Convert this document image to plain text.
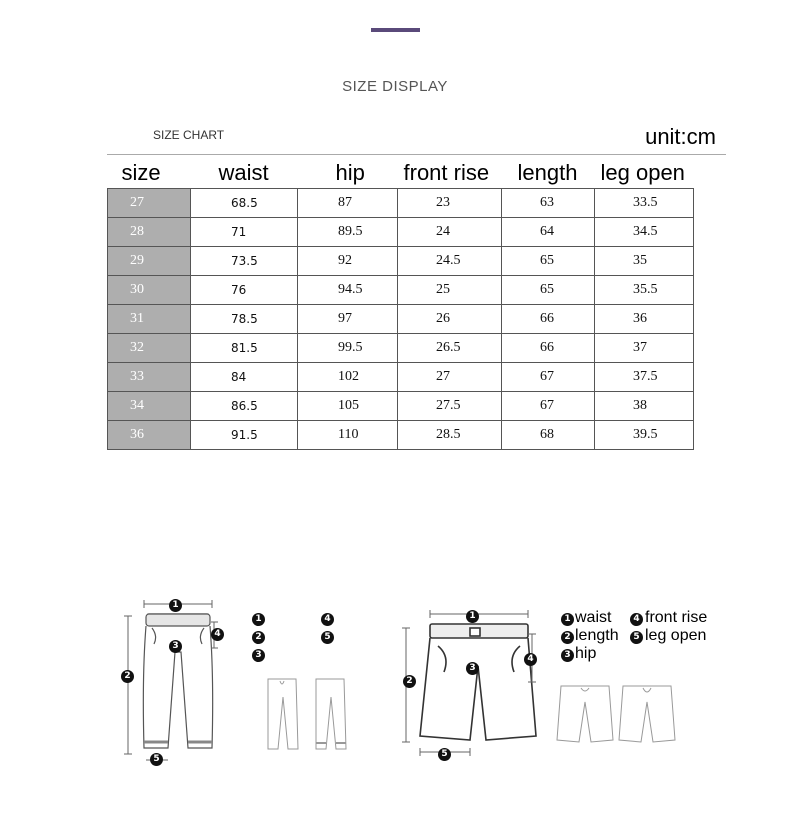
SIZE DISPLAY
SIZE CHART	unit:cm
size	waist	hip	front rise	length	leg open
27	68.5	87	23	63	33.5
28	71	89.5	24	64	34.5
29	73.5	92	24.5	65	35
30	76	94.5	25	65	35.5
31	78.5	97	26	66	36
32	81.5	99.5	26.5	66	37
33	84	102	27	67	37.5
34	86.5	105	27.5	67	38
36	91.5	110	28.5	68	39.5
1
2
3
4
5
1
2
3
4
5
1
2
3
4
5
1 waist
2 length
3 hip
4 front rise
5 leg open
